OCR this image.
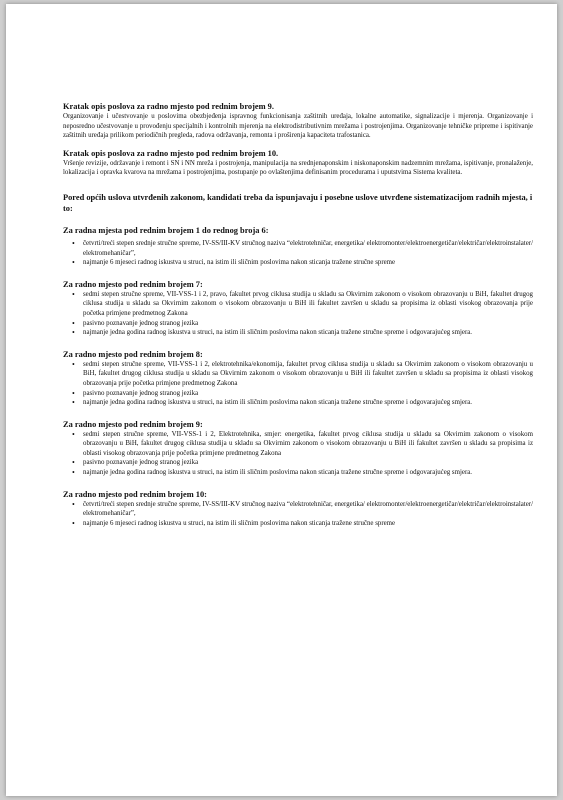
Kratak opis poslova za radno mjesto pod rednim brojem 9.

Organizovanje i učestvovanje u poslovima obezbjeđenja ispravnog funkcionisanja zaštitnih uređaja, lokalne automatike, signalizacije i mjerenja. Organizovanje i neposredno učestvovanje u provođenju specijalnih i kontrolnih mjerenja na elektrodistributivnim mrežama i postrojenjima. Organizovanje tehničke pripreme i ispitivanje zaštitnih uređaja prilikom periodičnih pregleda, radova održavanja, remonta i proširenja kapaciteta trafostanica.

Kratak opis poslova za radno mjesto pod rednim brojem 10.

Vršenje revizije, održavanje i remont i SN i NN mreža i postrojenja, manipulacija na srednjenaponskim i niskonaponskim nadzemnim mrežama, ispitivanje, pronalaženje, lokalizacija i opravka kvarova na mrežama i postrojenjima, postupanje po ovlaštenjima definisanim procedurama i uputstvima Sistema kvaliteta.

Pored općih uslova utvrđenih zakonom, kandidati treba da ispunjavaju i posebne uslove utvrđene sistematizacijom radnih mjesta, i to:

Za radna mjesta pod rednim brojem 1 do rednog broja 6:

• četvrti/treći stepen srednje stručne spreme, IV-SS/III-KV stručnog naziva “elektrotehničar, energetika/ elektromonter/elektroenergetičar/električar/elektroinstalater/ elektromehaničar”,
• najmanje 6 mjeseci radnog iskustva u struci, na istim ili sličnim poslovima nakon sticanja tražene stručne spreme

Za radno mjesto pod rednim brojem 7:

• sedmi stepen stručne spreme, VII-VSS-1 i 2, pravo, fakultet prvog ciklusa studija u skladu sa Okvirnim zakonom o visokom obrazovanju u BiH, fakultet drugog ciklusa studija u skladu sa Okvirnim zakonom o visokom obrazovanju u BiH ili fakultet završen u skladu sa propisima iz oblasti visokog obrazovanja prije početka primjene predmetnog Zakona
• pasivno poznavanje jednog stranog jezika
• najmanje jedna godina radnog iskustva u struci, na istim ili sličnim poslovima nakon sticanja tražene stručne spreme i odgovarajućeg smjera.

Za radno mjesto pod rednim brojem 8:

• sedmi stepen stručne spreme, VII-VSS-1 i 2, elektrotehnika/ekonomija, fakultet prvog ciklusa studija u skladu sa Okvirnim zakonom o visokom obrazovanju u BiH, fakultet drugog ciklusa studija u skladu sa Okvirnim zakonom o visokom obrazovanju u BiH ili fakultet završen u skladu sa propisima iz oblasti visokog obrazovanja prije početka primjene predmetnog Zakona
• pasivno poznavanje jednog stranog jezika
• najmanje jedna godina radnog iskustva u struci, na istim ili sličnim poslovima nakon sticanja tražene stručne spreme i odgovarajućeg smjera.

Za radno mjesto pod rednim brojem 9:

• sedmi stepen stručne spreme, VII-VSS-1 i 2, Elektrotehnika, smjer: energetika, fakultet prvog ciklusa studija u skladu sa Okvirnim zakonom o visokom obrazovanju u BiH, fakultet drugog ciklusa studija u skladu sa Okvirnim zakonom o visokom obrazovanju u BiH ili fakultet završen u skladu sa propisima iz oblasti visokog obrazovanja prije početka primjene predmetnog Zakona
• pasivno poznavanje jednog stranog jezika
• najmanje jedna godina radnog iskustva u struci, na istim ili sličnim poslovima nakon sticanja tražene stručne spreme i odgovarajućeg smjera.

Za radno mjesto pod rednim brojem 10:

• četvrti/treći stepen srednje stručne spreme, IV-SS/III-KV stručnog naziva “elektrotehničar, energetika/ elektromonter/elektroenergetičar/električar/elektroinstalater/ elektromehaničar”,
• najmanje 6 mjeseci radnog iskustva u struci, na istim ili sličnim poslovima nakon sticanja tražene stručne spreme
